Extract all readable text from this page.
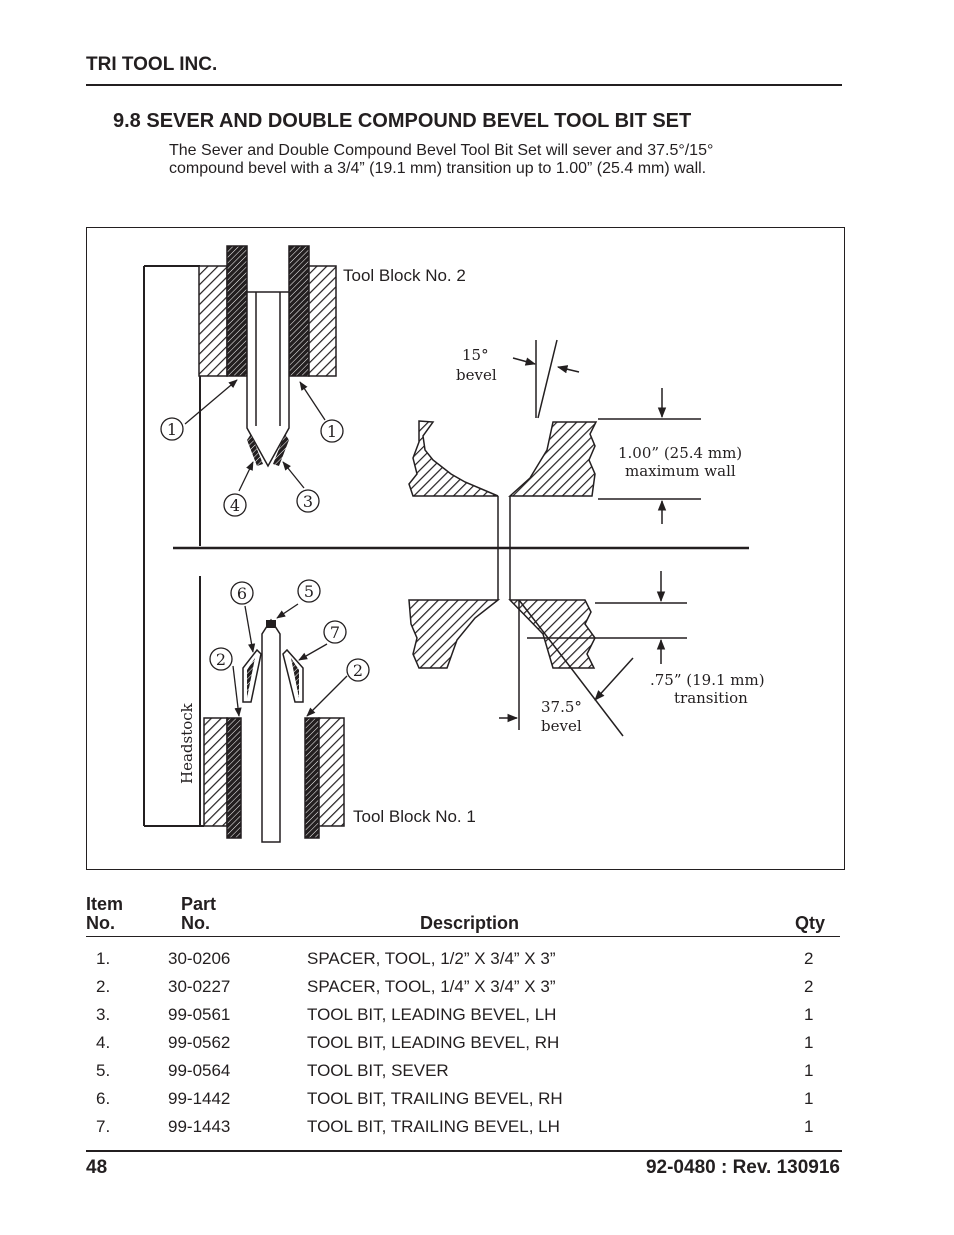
TRI TOOL INC.
9.8 SEVER AND DOUBLE COMPOUND BEVEL TOOL BIT SET
The Sever and Double Compound Bevel Tool Bit Set will sever and 37.5°/15°
compound bevel with a 3/4” (19.1 mm) transition up to 1.00” (25.4 mm) wall.
Headstock
Tool Block No. 2
Tool Block No. 1
15°
bevel
1.00” (25.4 mm)
maximum wall
.75” (19.1 mm)
transition
37.5°
bevel
1	1
4	3
6	5
7
2
2
Item
No.
Part
No.	Description	Qty
1.	30-0206	SPACER, TOOL, 1/2” X 3/4” X 3”	2
2.	30-0227	SPACER, TOOL, 1/4” X 3/4” X 3”	2
3.	99-0561	TOOL BIT, LEADING BEVEL, LH	1
4.	99-0562	TOOL BIT, LEADING BEVEL, RH	1
5.	99-0564	TOOL BIT, SEVER	1
6.	99-1442	TOOL BIT, TRAILING BEVEL, RH	1
7.	99-1443	TOOL BIT, TRAILING BEVEL, LH	1
48	92-0480 : Rev. 130916
